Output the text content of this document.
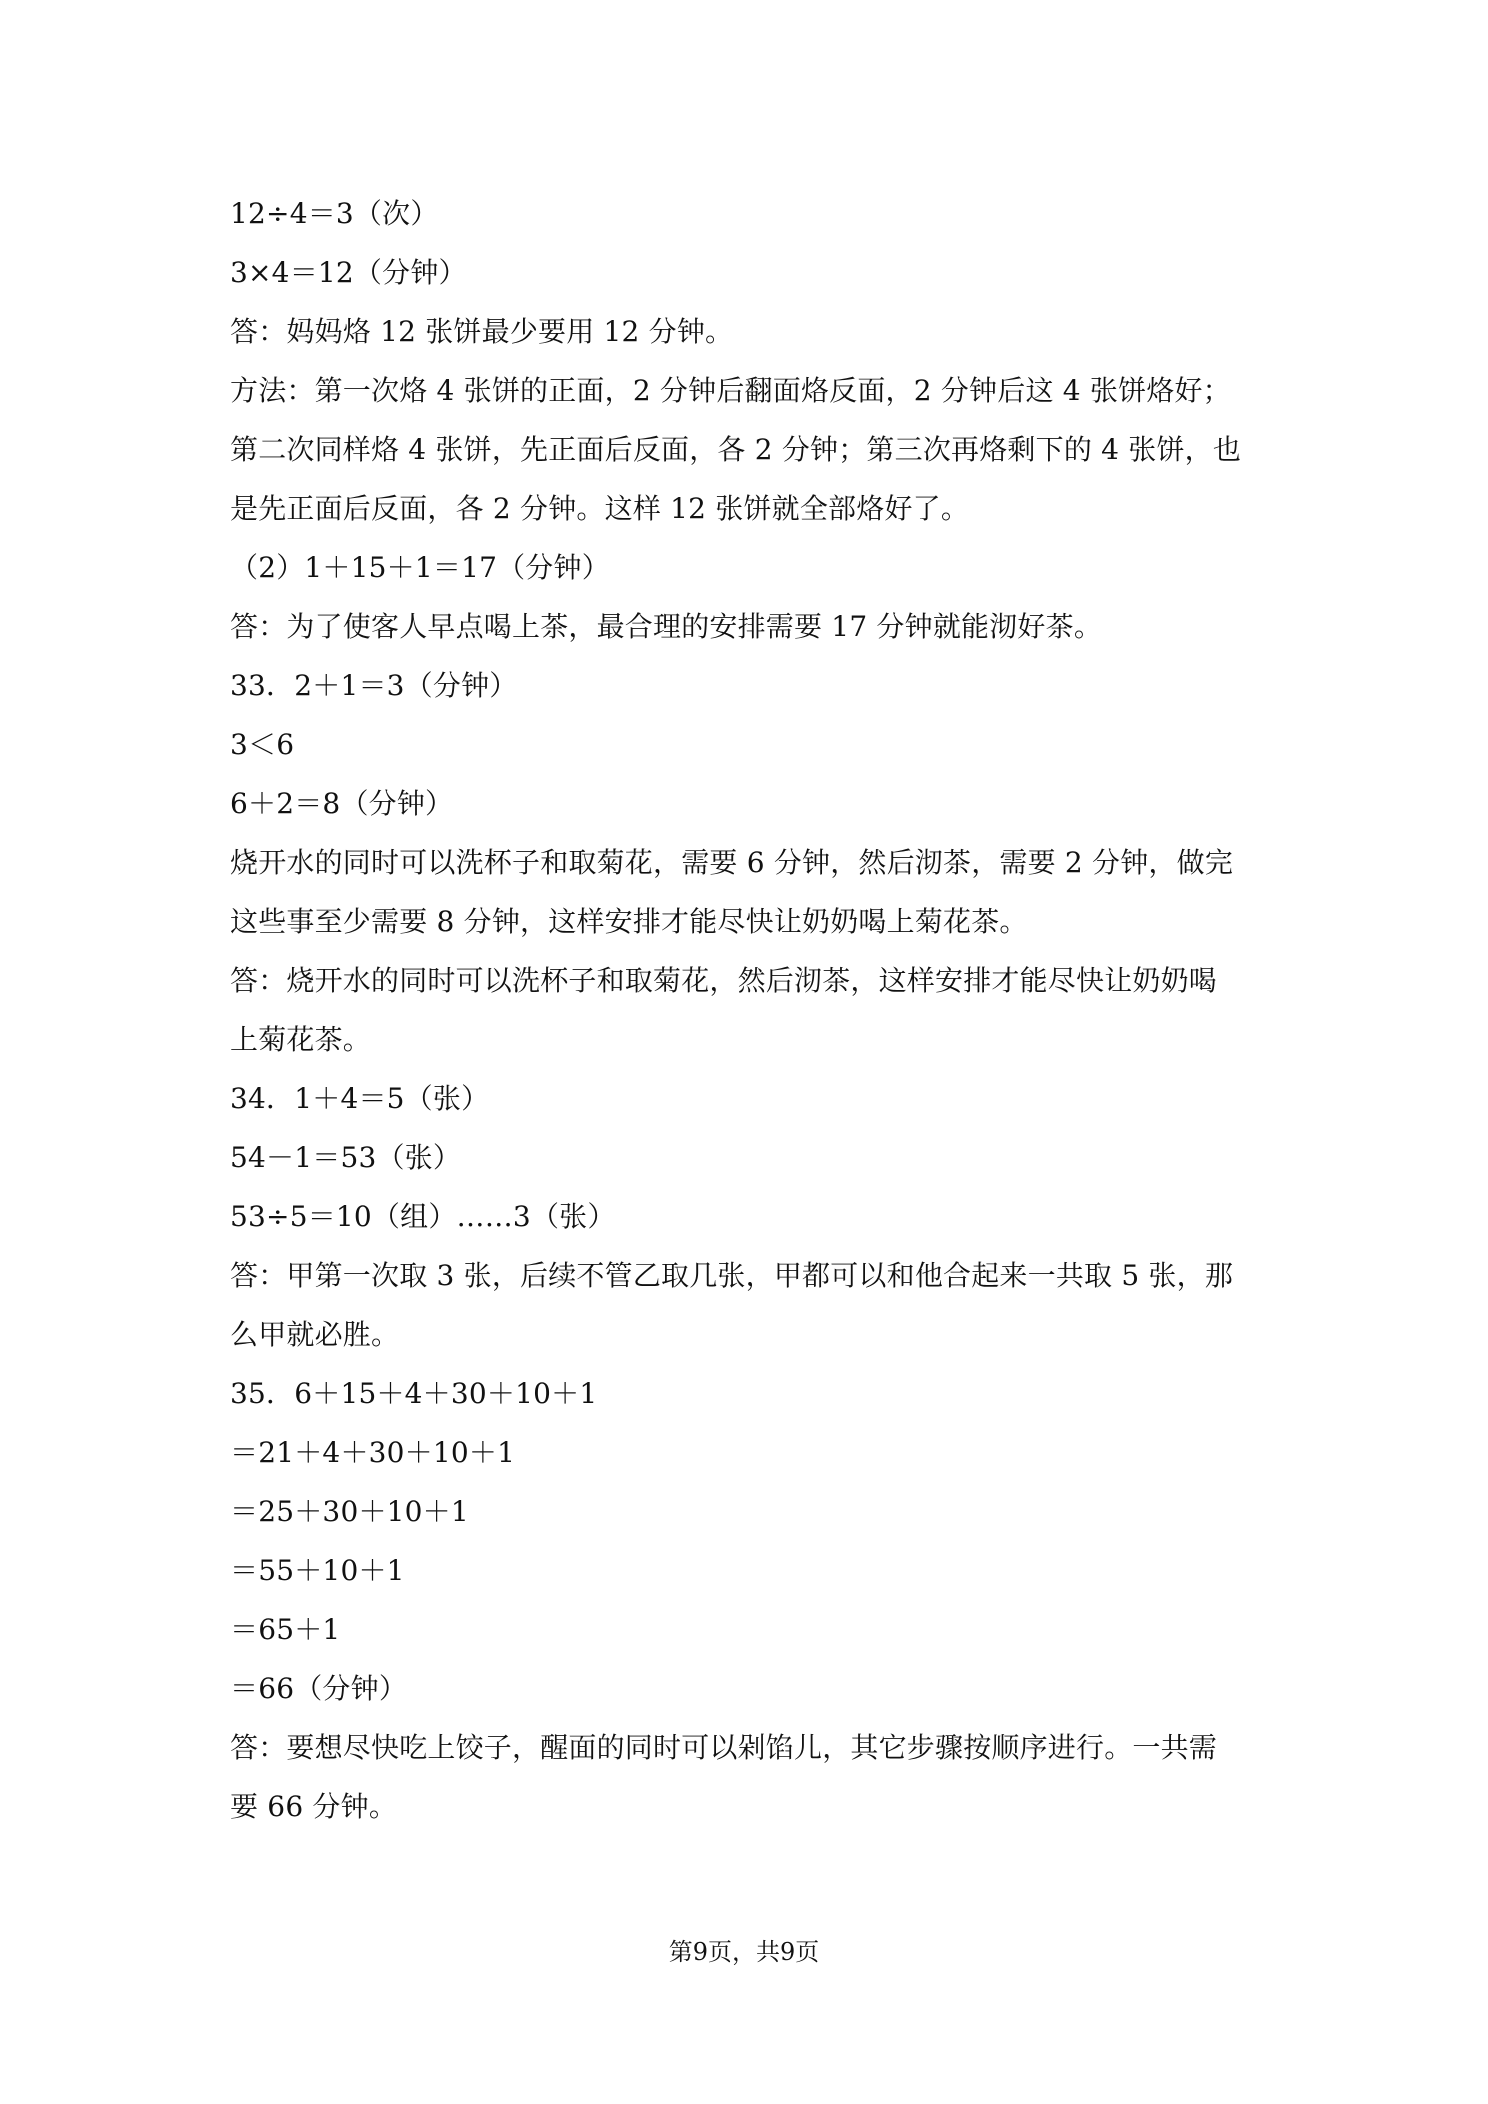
12÷4＝3（次）

3×4＝12（分钟）

答：妈妈烙 12 张饼最少要用 12 分钟。

方法：第一次烙 4 张饼的正面，2 分钟后翻面烙反面，2 分钟后这 4 张饼烙好；

第二次同样烙 4 张饼，先正面后反面，各 2 分钟；第三次再烙剩下的 4 张饼，也

是先正面后反面，各 2 分钟。这样 12 张饼就全部烙好了。

（2）1＋15＋1＝17（分钟）

答：为了使客人早点喝上茶，最合理的安排需要 17 分钟就能沏好茶。

33．2＋1＝3（分钟）

3＜6

6＋2＝8（分钟）

烧开水的同时可以洗杯子和取菊花，需要 6 分钟，然后沏茶，需要 2 分钟，做完

这些事至少需要 8 分钟，这样安排才能尽快让奶奶喝上菊花茶。

答：烧开水的同时可以洗杯子和取菊花，然后沏茶，这样安排才能尽快让奶奶喝

上菊花茶。

34．1＋4＝5（张）

54－1＝53（张）

53÷5＝10（组）……3（张）

答：甲第一次取 3 张，后续不管乙取几张，甲都可以和他合起来一共取 5 张，那

么甲就必胜。

35．6＋15＋4＋30＋10＋1

＝21＋4＋30＋10＋1

＝25＋30＋10＋1

＝55＋10＋1

＝65＋1

＝66（分钟）

答：要想尽快吃上饺子，醒面的同时可以剁馅儿，其它步骤按顺序进行。一共需

要 66 分钟。

第9页，共9页
